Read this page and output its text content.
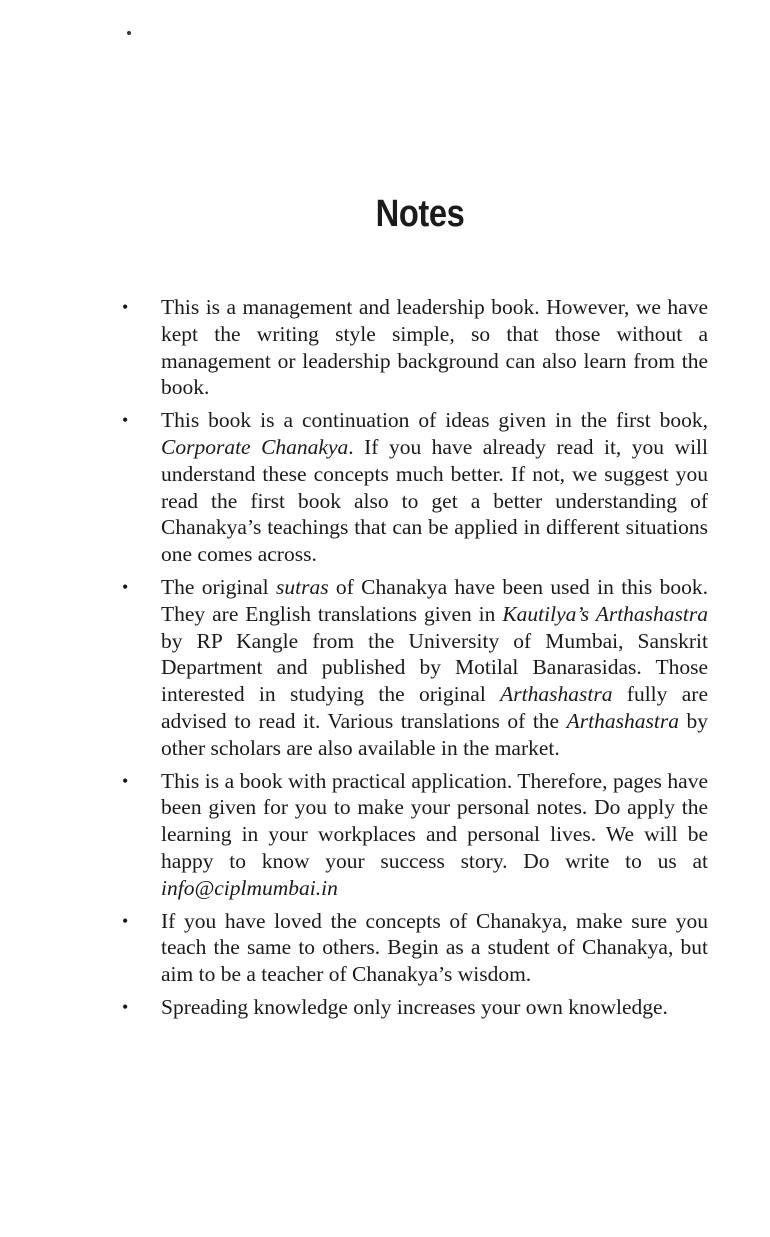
Notes
• This is a management and leadership book. However, we have kept the writing style simple, so that those without a management or leadership background can also learn from the book.
• This book is a continuation of ideas given in the first book, Corporate Chanakya. If you have already read it, you will understand these concepts much better. If not, we suggest you read the first book also to get a better understanding of Chanakya’s teachings that can be applied in different situations one comes across.
• The original sutras of Chanakya have been used in this book. They are English translations given in Kautilya’s Arthashastra by RP Kangle from the University of Mumbai, Sanskrit Department and published by Motilal Banarasidas. Those interested in studying the original Arthashastra fully are advised to read it. Various translations of the Arthashastra by other scholars are also available in the market.
• This is a book with practical application. Therefore, pages have been given for you to make your personal notes. Do apply the learning in your workplaces and personal lives. We will be happy to know your success story. Do write to us at info@ciplmumbai.in
• If you have loved the concepts of Chanakya, make sure you teach the same to others. Begin as a student of Chanakya, but aim to be a teacher of Chanakya’s wisdom.
• Spreading knowledge only increases your own knowledge.
